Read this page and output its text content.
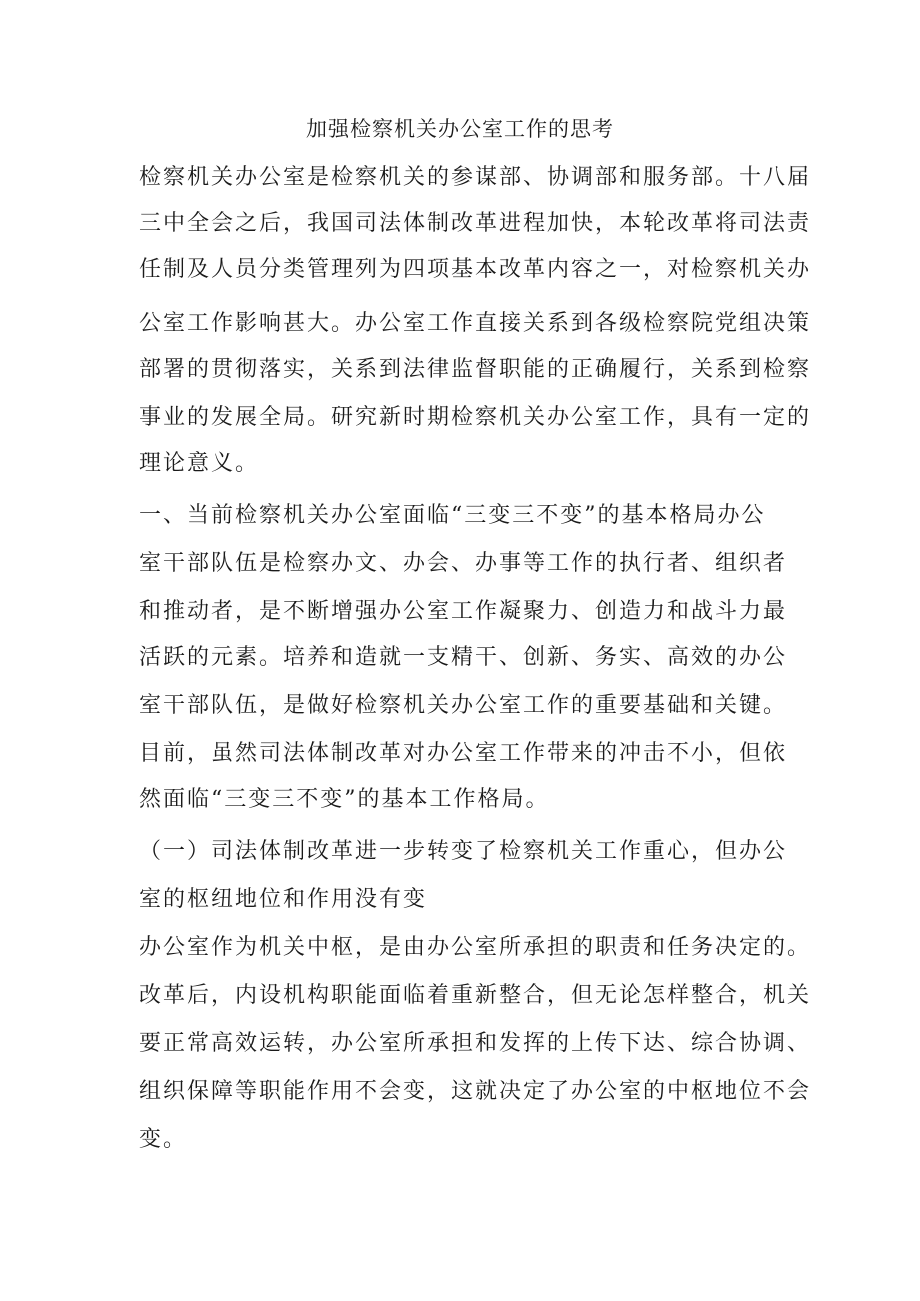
加强检察机关办公室工作的思考
检察机关办公室是检察机关的参谋部、协调部和服务部。十八届
三中全会之后，我国司法体制改革进程加快，本轮改革将司法责
任制及人员分类管理列为四项基本改革内容之一，对检察机关办
公室工作影响甚大。办公室工作直接关系到各级检察院党组决策
部署的贯彻落实，关系到法律监督职能的正确履行，关系到检察
事业的发展全局。研究新时期检察机关办公室工作，具有一定的
理论意义。
一、当前检察机关办公室面临“三变三不变”的基本格局办公
室干部队伍是检察办文、办会、办事等工作的执行者、组织者
和推动者，是不断增强办公室工作凝聚力、创造力和战斗力最
活跃的元素。培养和造就一支精干、创新、务实、高效的办公
室干部队伍，是做好检察机关办公室工作的重要基础和关键。
目前，虽然司法体制改革对办公室工作带来的冲击不小，但依
然面临“三变三不变”的基本工作格局。
（一）司法体制改革进一步转变了检察机关工作重心，但办公
室的枢纽地位和作用没有变
办公室作为机关中枢，是由办公室所承担的职责和任务决定的。
改革后，内设机构职能面临着重新整合，但无论怎样整合，机关
要正常高效运转，办公室所承担和发挥的上传下达、综合协调、
组织保障等职能作用不会变，这就决定了办公室的中枢地位不会
变。
